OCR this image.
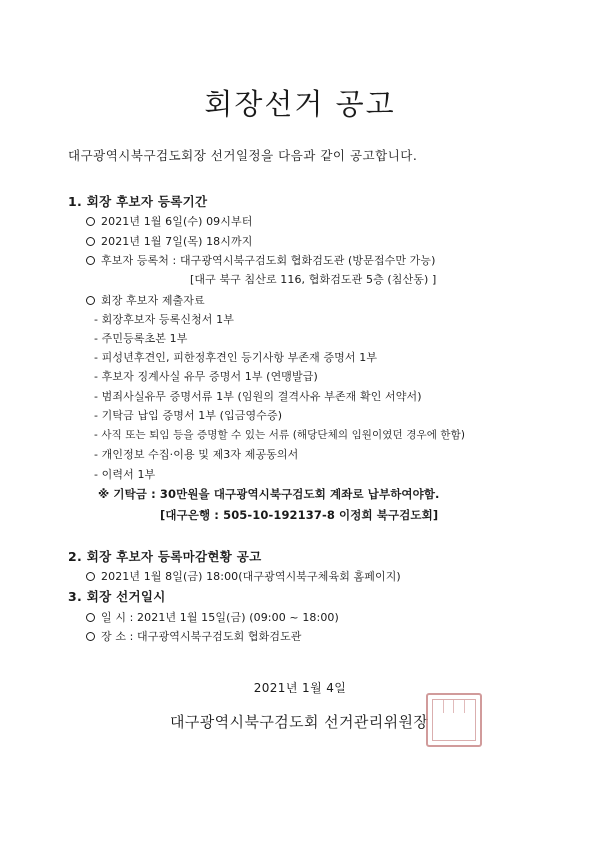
회장선거 공고
대구광역시북구검도회장 선거일정을 다음과 같이 공고합니다.
1. 회장 후보자 등록기간
2021년 1월 6일(수) 09시부터
2021년 1월 7일(목) 18시까지
후보자 등록처 : 대구광역시북구검도회 협화검도관 (방문접수만 가능)
[대구 북구 침산로 116, 협화검도관 5층 (침산동) ]
회장 후보자 제출자료
- 회장후보자 등록신청서 1부
- 주민등록초본 1부
- 피성년후견인, 피한정후견인 등기사항 부존재 증명서 1부
- 후보자 징계사실 유무 증명서 1부 (연맹발급)
- 범죄사실유무 증명서류 1부 (임원의 결격사유 부존재 확인 서약서)
- 기탁금 납입 증명서 1부 (입금영수증)
- 사직 또는 퇴임 등을 증명할 수 있는 서류 (해당단체의 임원이였던 경우에 한함)
- 개인정보 수집·이용 및 제3자 제공동의서
- 이력서 1부
※ 기탁금 : 30만원을 대구광역시북구검도회 계좌로 납부하여야함.
[대구은행 : 505-10-192137-8 이정희 북구검도회]
2. 회장 후보자 등록마감현황 공고
2021년 1월 8일(금) 18:00(대구광역시북구체육회 홈페이지)
3. 회장 선거일시
일 시 : 2021년 1월 15일(금) (09:00 ~ 18:00)
장 소 : 대구광역시북구검도회 협화검도관
2021년 1월 4일
대구광역시북구검도회 선거관리위원장
